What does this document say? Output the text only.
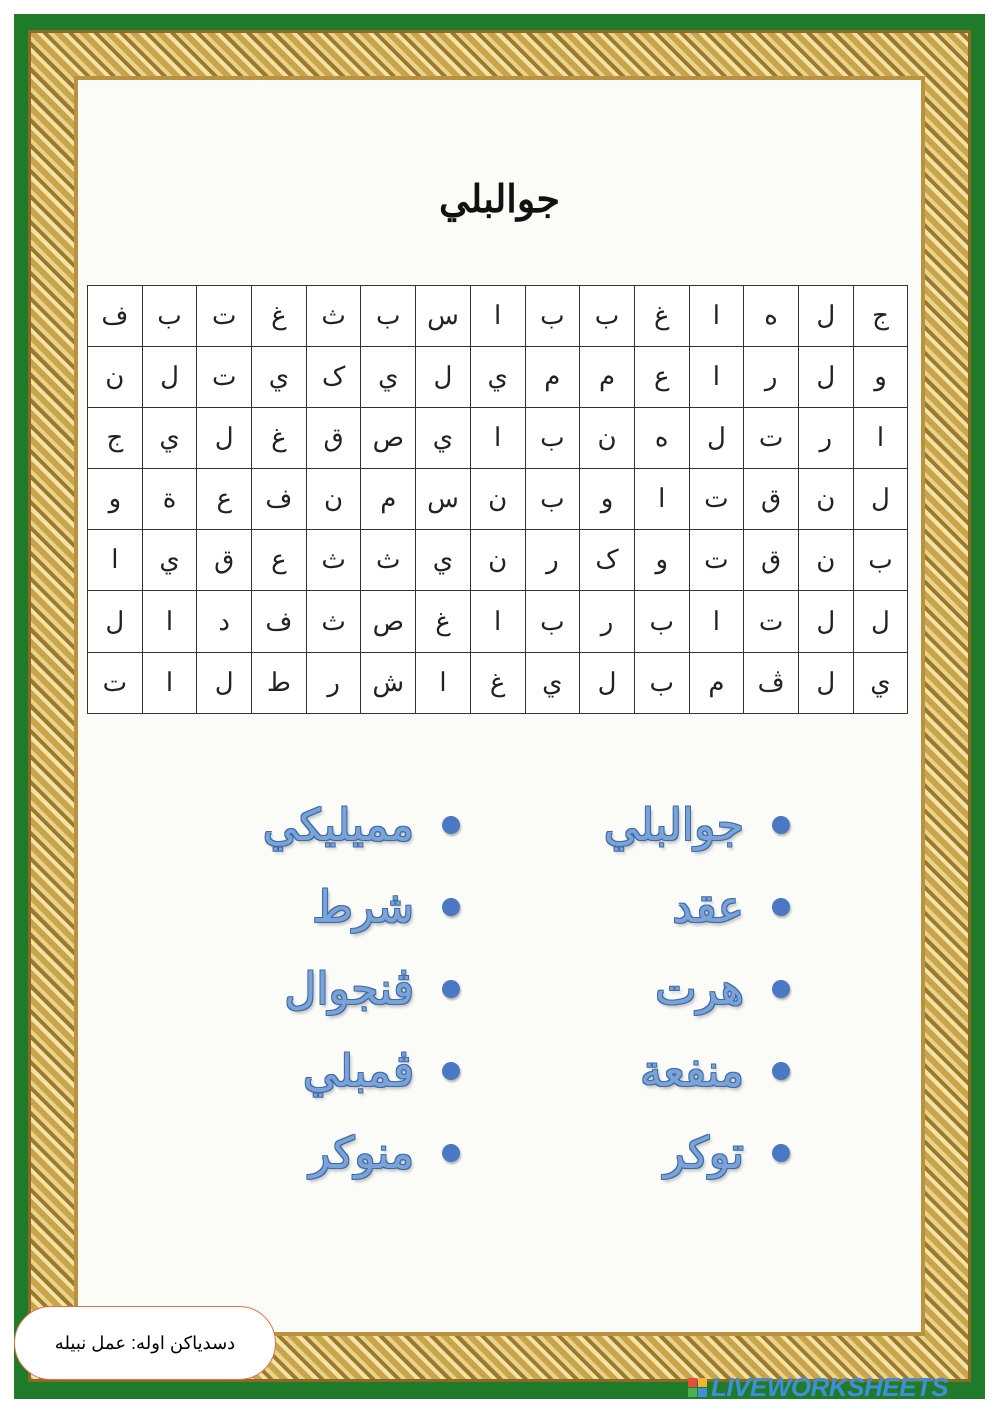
جوالبلي
ج	ل	ه	ا	غ	ب	ب	ا	س	ب	ث	غ	ت	ب	ف
و	ل	ر	ا	ع	م	م	ي	ل	ي	ک	ي	ت	ل	ن
ا	ر	ت	ل	ه	ن	ب	ا	ي	ص	ق	غ	ل	ي	ج
ل	ن	ق	ت	ا	و	ب	ن	س	م	ن	ف	ع	ة	و
ب	ن	ق	ت	و	ک	ر	ن	ي	ث	ث	ع	ق	ي	ا
ل	ل	ت	ا	ب	ر	ب	ا	غ	ص	ث	ف	د	ا	ل
ي	ل	ڤ	م	ب	ل	ي	غ	ا	ش	ر	ط	ل	ا	ت
جوالبلي
مميليکي
عقد
شرط
هرت
ڤنجوال
منفعة
ڤمبلي
توکر
منوکر
دسدياکن اوله: عمل نبيله
LIVEWORKSHEETS
